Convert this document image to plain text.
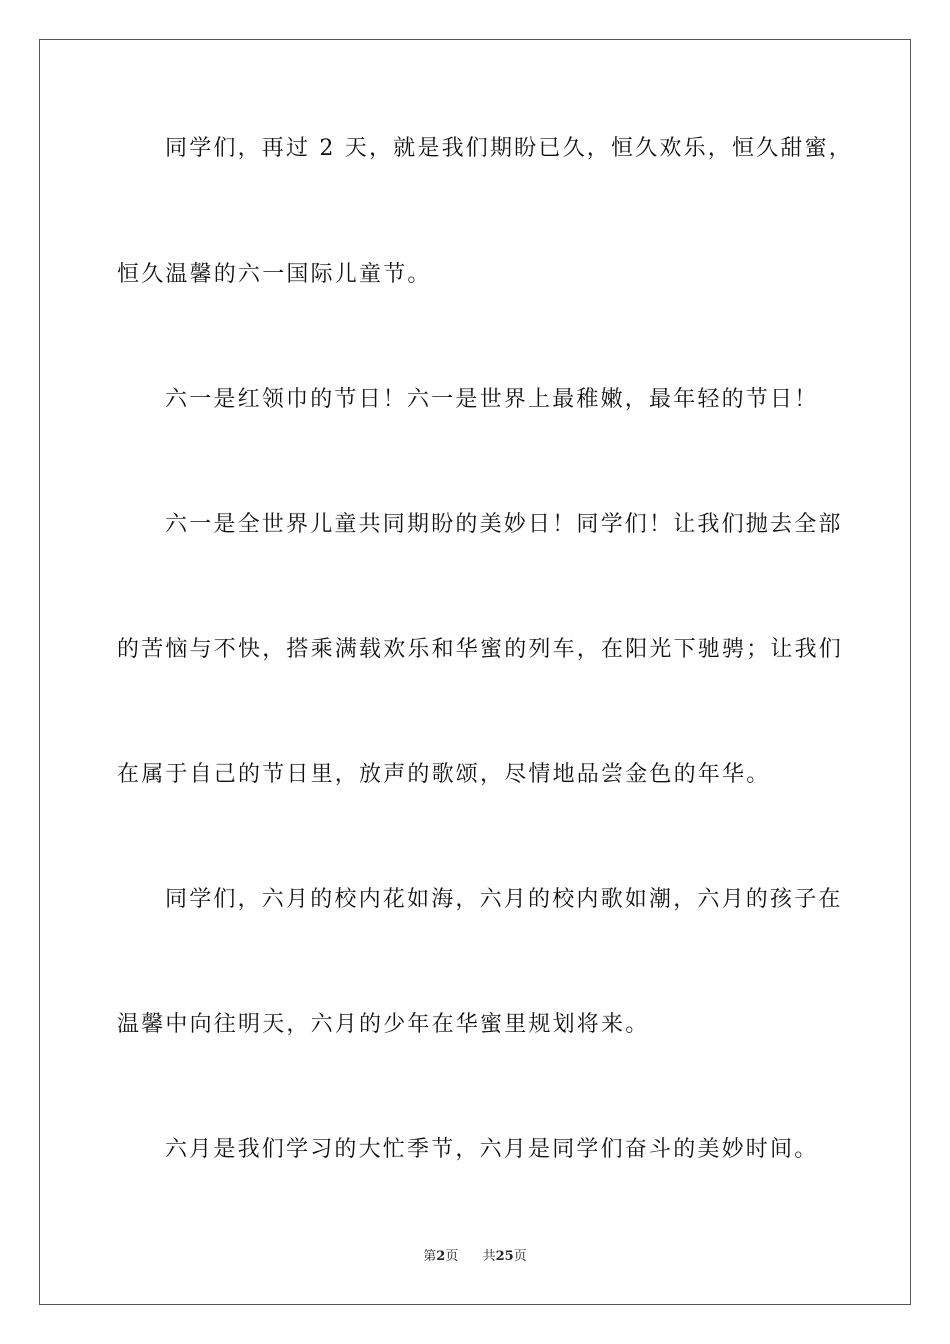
同学们，再过 2 天，就是我们期盼已久，恒久欢乐，恒久甜蜜，
恒久温馨的六一国际儿童节。
六一是红领巾的节日！六一是世界上最稚嫩，最年轻的节日！
六一是全世界儿童共同期盼的美妙日！同学们！让我们抛去全部
的苦恼与不快，搭乘满载欢乐和华蜜的列车，在阳光下驰骋；让我们
在属于自己的节日里，放声的歌颂，尽情地品尝金色的年华。
同学们，六月的校内花如海，六月的校内歌如潮，六月的孩子在
温馨中向往明天，六月的少年在华蜜里规划将来。
六月是我们学习的大忙季节，六月是同学们奋斗的美妙时间。
第2页 共25页
